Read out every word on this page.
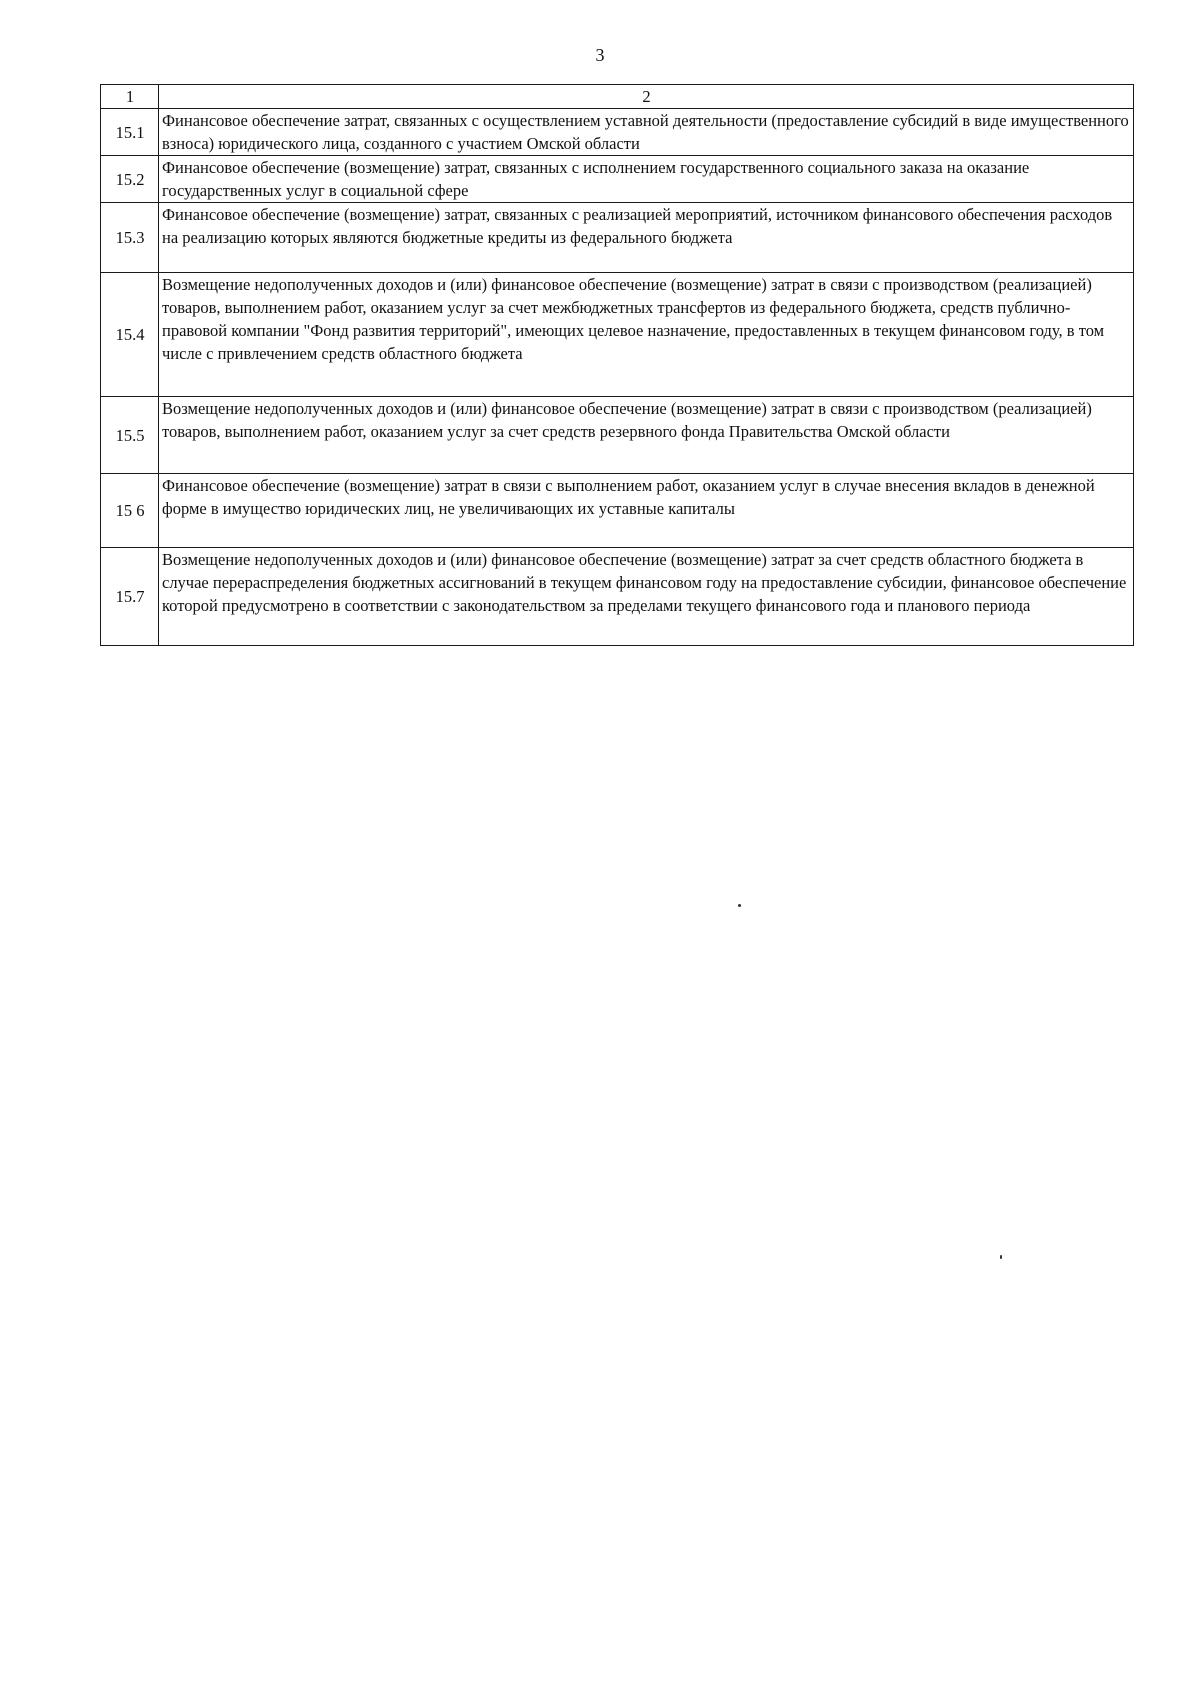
3
1	2
15.1	Финансовое обеспечение затрат, связанных с осуществлением уставной деятельности (предоставление субсидий в виде имущественного взноса) юридического лица, созданного с участием Омской области
15.2	Финансовое обеспечение (возмещение) затрат, связанных с исполнением государственного социального заказа на оказание государственных услуг в социальной сфере
15.3	Финансовое обеспечение (возмещение) затрат, связанных с реализацией мероприятий, источником финансового обеспечения расходов на реализацию которых являются бюджетные кредиты из федерального бюджета
15.4	Возмещение недополученных доходов и (или) финансовое обеспечение (возмещение) затрат в связи с производством (реализацией) товаров, выполнением работ, оказанием услуг за счет межбюджетных трансфертов из федерального бюджета, средств публично-правовой компании "Фонд развития территорий", имеющих целевое назначение, предоставленных в текущем финансовом году, в том числе с привлечением средств областного бюджета
15.5	Возмещение недополученных доходов и (или) финансовое обеспечение (возмещение) затрат в связи с производством (реализацией) товаров, выполнением работ, оказанием услуг за счет средств резервного фонда Правительства Омской области
15 6	Финансовое обеспечение (возмещение) затрат в связи с выполнением работ, оказанием услуг в случае внесения вкладов в денежной форме в имущество юридических лиц, не увеличивающих их уставные капиталы
15.7	Возмещение недополученных доходов и (или) финансовое обеспечение (возмещение) затрат за счет средств областного бюджета в случае перераспределения бюджетных ассигнований в текущем финансовом году на предоставление субсидии, финансовое обеспечение которой предусмотрено в соответствии с законодательством за пределами текущего финансового года и планового периода
